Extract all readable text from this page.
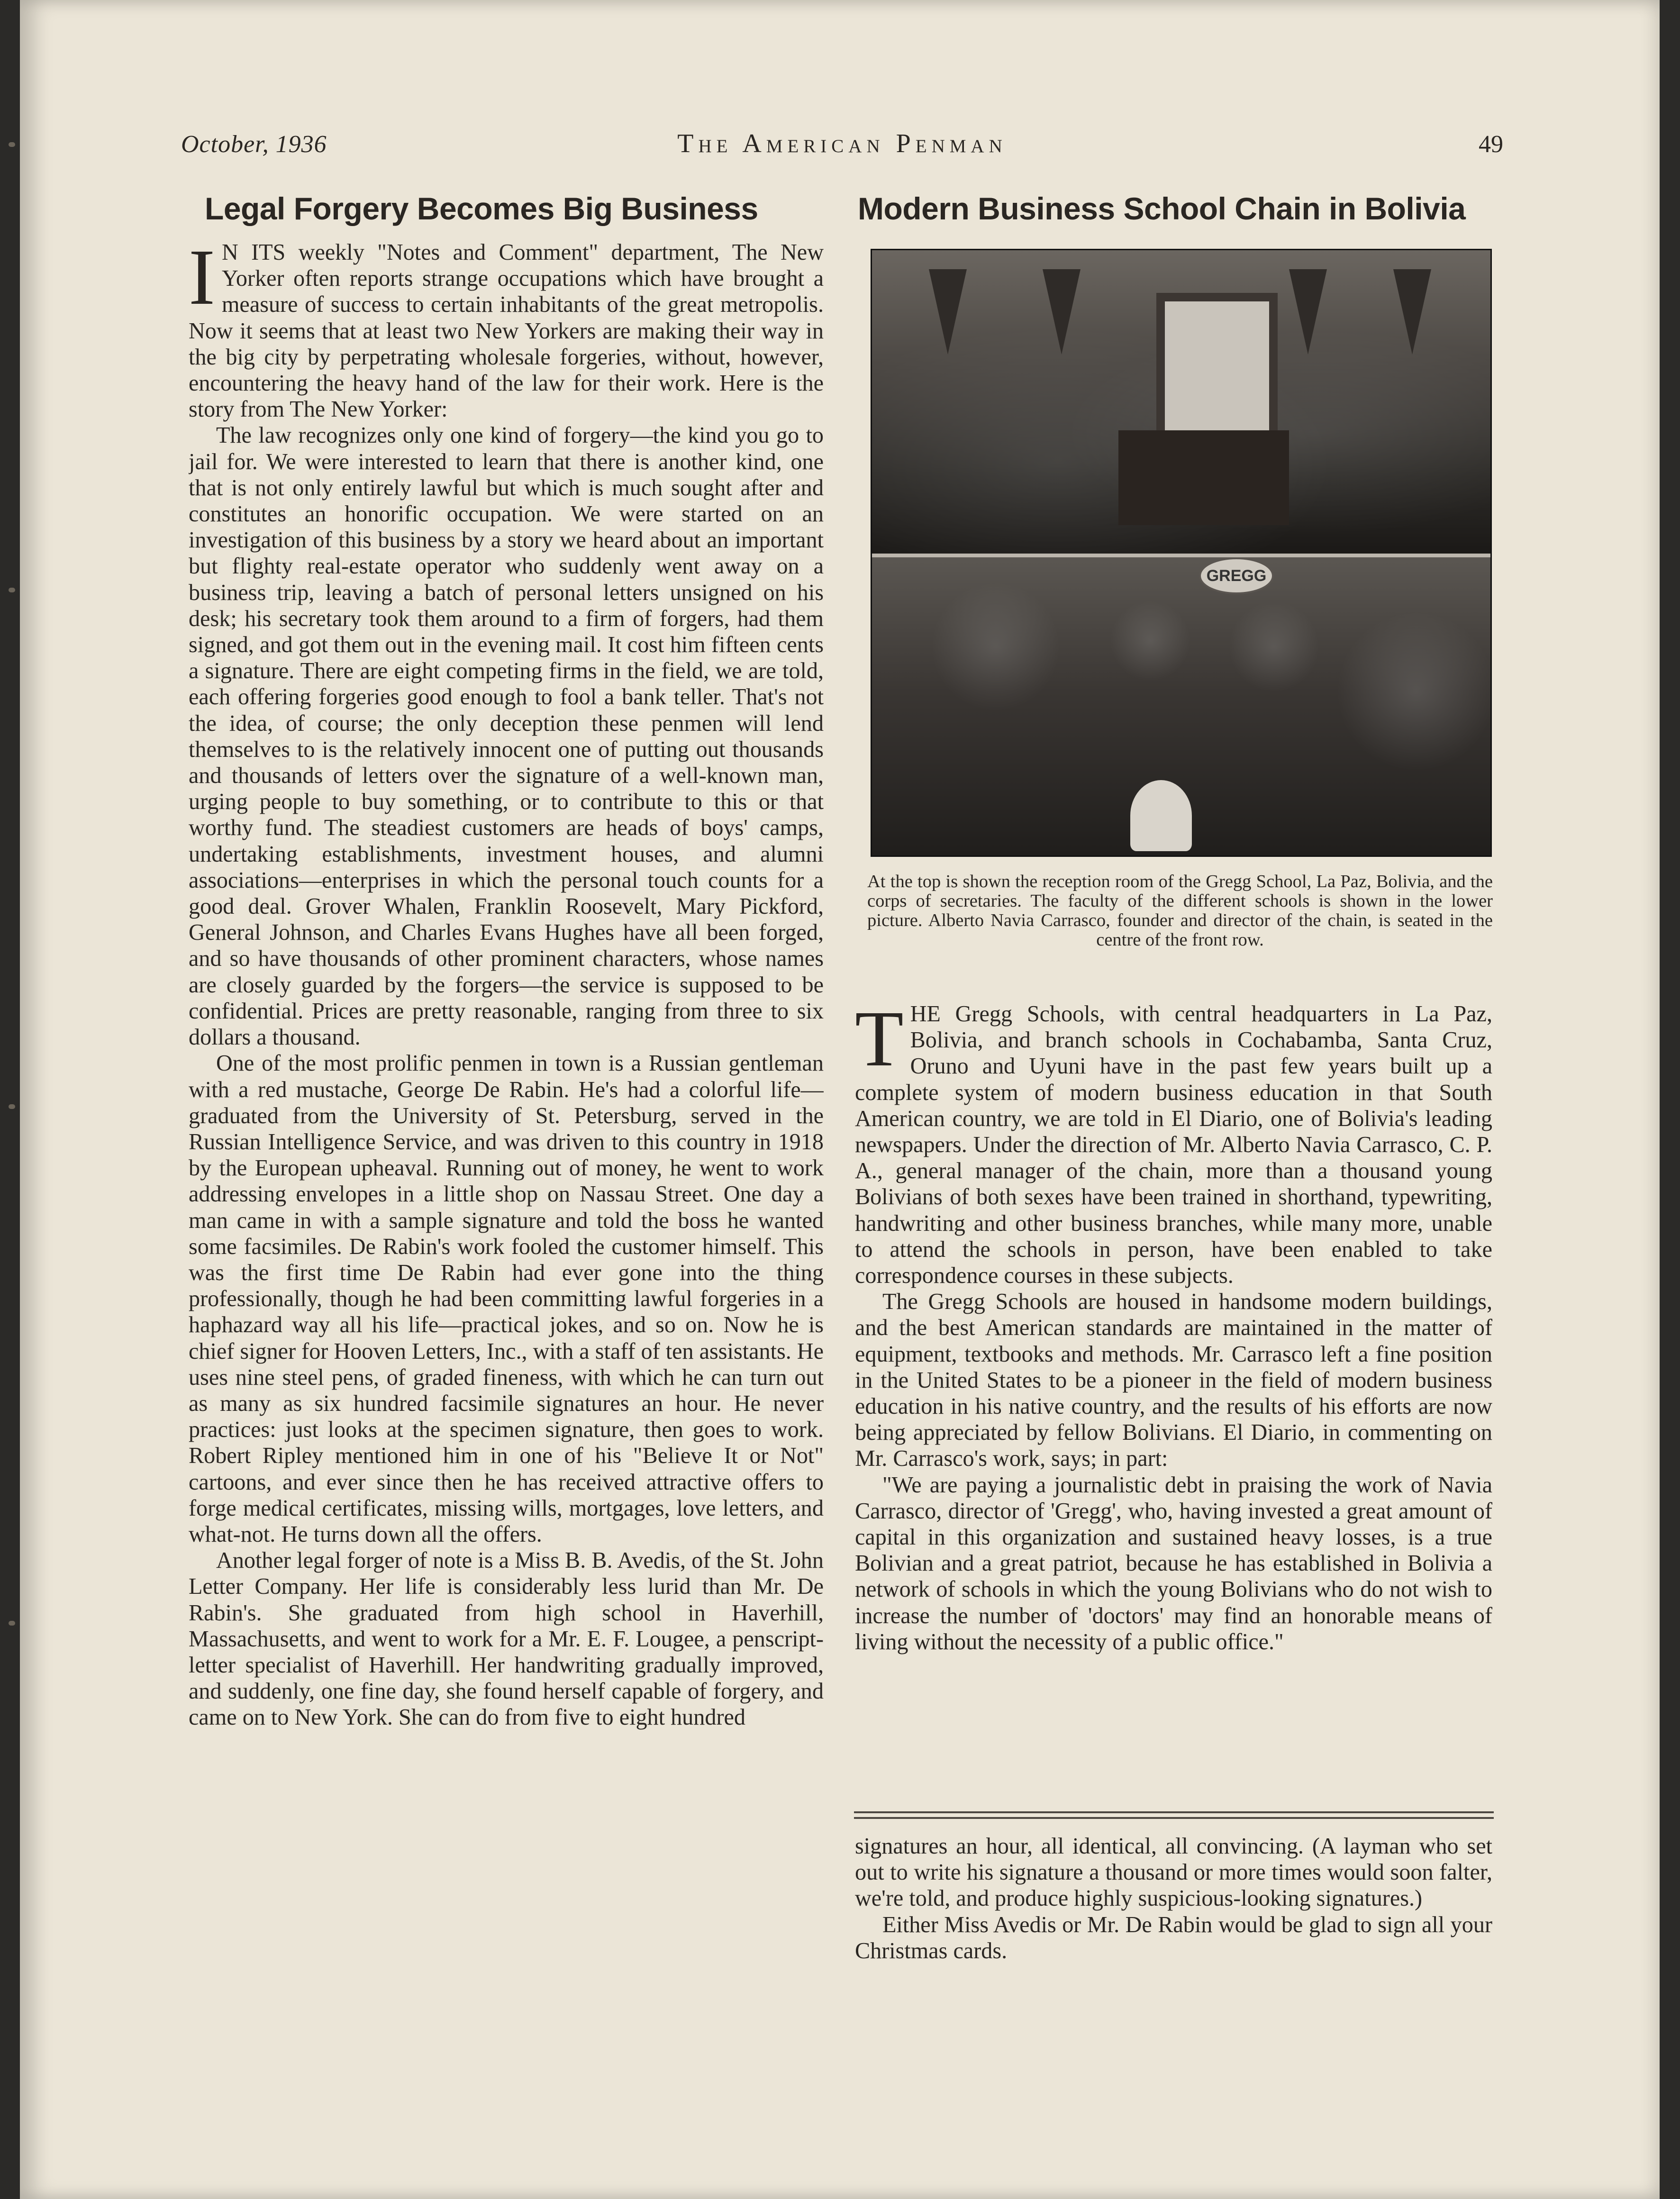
October, 1936	The American Penman	49
Legal Forgery Becomes Big Business

I N ITS weekly "Notes and Comment" department, The New Yorker often reports strange occupations which have brought a measure of success to certain inhabitants of the great metropolis. Now it seems that at least two New Yorkers are making their way in the big city by perpetrating wholesale forgeries, without, however, encountering the heavy hand of the law for their work. Here is the story from The New Yorker:

The law recognizes only one kind of forgery—the kind you go to jail for. We were interested to learn that there is another kind, one that is not only entirely lawful but which is much sought after and constitutes an honorific occupation. We were started on an investigation of this business by a story we heard about an important but flighty real-estate operator who suddenly went away on a business trip, leaving a batch of personal letters unsigned on his desk; his secretary took them around to a firm of forgers, had them signed, and got them out in the evening mail. It cost him fifteen cents a signature. There are eight competing firms in the field, we are told, each offering forgeries good enough to fool a bank teller. That's not the idea, of course; the only deception these penmen will lend themselves to is the relatively innocent one of putting out thousands and thousands of letters over the signature of a well-known man, urging people to buy something, or to contribute to this or that worthy fund. The steadiest customers are heads of boys' camps, undertaking establishments, investment houses, and alumni associations—enterprises in which the personal touch counts for a good deal. Grover Whalen, Franklin Roosevelt, Mary Pickford, General Johnson, and Charles Evans Hughes have all been forged, and so have thousands of other prominent characters, whose names are closely guarded by the forgers—the service is supposed to be confidential. Prices are pretty reasonable, ranging from three to six dollars a thousand.

One of the most prolific penmen in town is a Russian gentleman with a red mustache, George De Rabin. He's had a colorful life—graduated from the University of St. Petersburg, served in the Russian Intelligence Service, and was driven to this country in 1918 by the European upheaval. Running out of money, he went to work addressing envelopes in a little shop on Nassau Street. One day a man came in with a sample signature and told the boss he wanted some facsimiles. De Rabin's work fooled the customer himself. This was the first time De Rabin had ever gone into the thing professionally, though he had been committing lawful forgeries in a haphazard way all his life—practical jokes, and so on. Now he is chief signer for Hooven Letters, Inc., with a staff of ten assistants. He uses nine steel pens, of graded fineness, with which he can turn out as many as six hundred facsimile signatures an hour. He never practices: just looks at the specimen signature, then goes to work. Robert Ripley mentioned him in one of his "Believe It or Not" cartoons, and ever since then he has received attractive offers to forge medical certificates, missing wills, mortgages, love letters, and what-not. He turns down all the offers.

Another legal forger of note is a Miss B. B. Avedis, of the St. John Letter Company. Her life is considerably less lurid than Mr. De Rabin's. She graduated from high school in Haverhill, Massachusetts, and went to work for a Mr. E. F. Lougee, a penscript-letter specialist of Haverhill. Her handwriting gradually improved, and suddenly, one fine day, she found herself capable of forgery, and came on to New York. She can do from five to eight hundred

Modern Business School Chain in Bolivia
GREGG
At the top is shown the reception room of the Gregg School, La Paz, Bolivia, and the corps of secretaries. The faculty of the different schools is shown in the lower picture. Alberto Navia Carrasco, founder and director of the chain, is seated in the centre of the front row.

THE Gregg Schools, with central headquarters in La Paz, Bolivia, and branch schools in Cochabamba, Santa Cruz, Oruno and Uyuni have in the past few years built up a complete system of modern business education in that South American country, we are told in El Diario, one of Bolivia's leading newspapers. Under the direction of Mr. Alberto Navia Carrasco, C. P. A., general manager of the chain, more than a thousand young Bolivians of both sexes have been trained in shorthand, typewriting, handwriting and other business branches, while many more, unable to attend the schools in person, have been enabled to take correspondence courses in these subjects.

The Gregg Schools are housed in handsome modern buildings, and the best American standards are maintained in the matter of equipment, textbooks and methods. Mr. Carrasco left a fine position in the United States to be a pioneer in the field of modern business education in his native country, and the results of his efforts are now being appreciated by fellow Bolivians. El Diario, in commenting on Mr. Carrasco's work, says; in part:

"We are paying a journalistic debt in praising the work of Navia Carrasco, director of 'Gregg', who, having invested a great amount of capital in this organization and sustained heavy losses, is a true Bolivian and a great patriot, because he has established in Bolivia a network of schools in which the young Bolivians who do not wish to increase the number of 'doctors' may find an honorable means of living without the necessity of a public office."

signatures an hour, all identical, all convincing. (A layman who set out to write his signature a thousand or more times would soon falter, we're told, and produce highly suspicious-looking signatures.)

Either Miss Avedis or Mr. De Rabin would be glad to sign all your Christmas cards.
